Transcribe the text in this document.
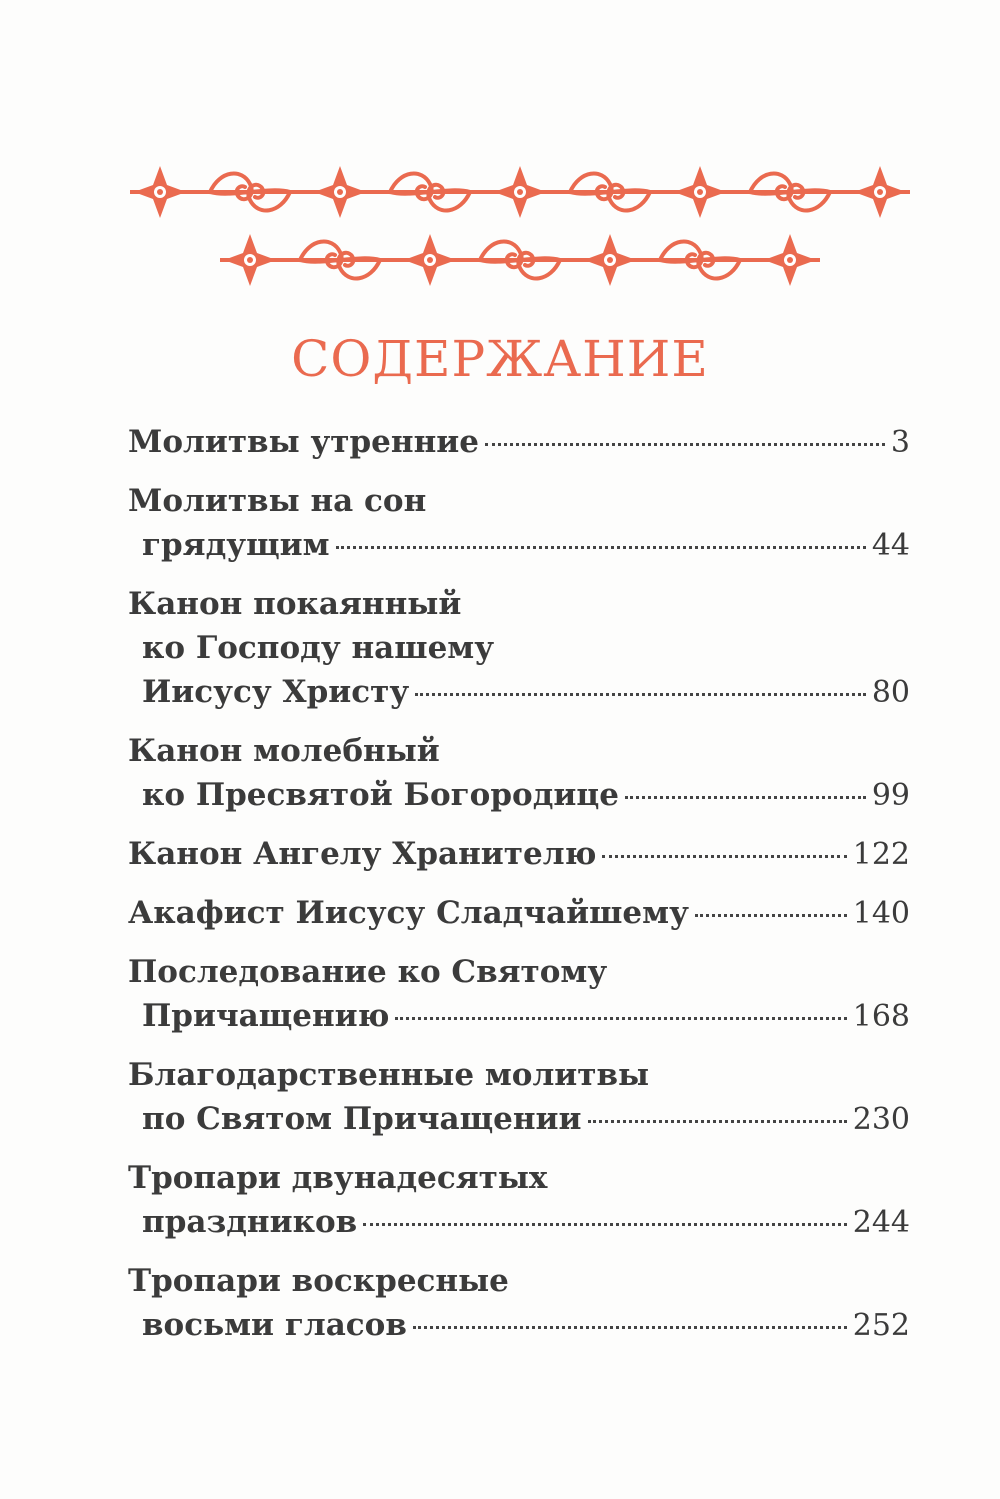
СОДЕРЖАНИЕ
Молитвы утренние	3
Молитвы на сон
грядущим	44
Канон покаянный
ко Господу нашему
Иисусу Христу	80
Канон молебный
ко Пресвятой Богородице	99
Канон Ангелу Хранителю	122
Акафист Иисусу Сладчайшему	140
Последование ко Святому
Причащению	168
Благодарственные молитвы
по Святом Причащении	230
Тропари двунадесятых
праздников	244
Тропари воскресные
восьми гласов	252
